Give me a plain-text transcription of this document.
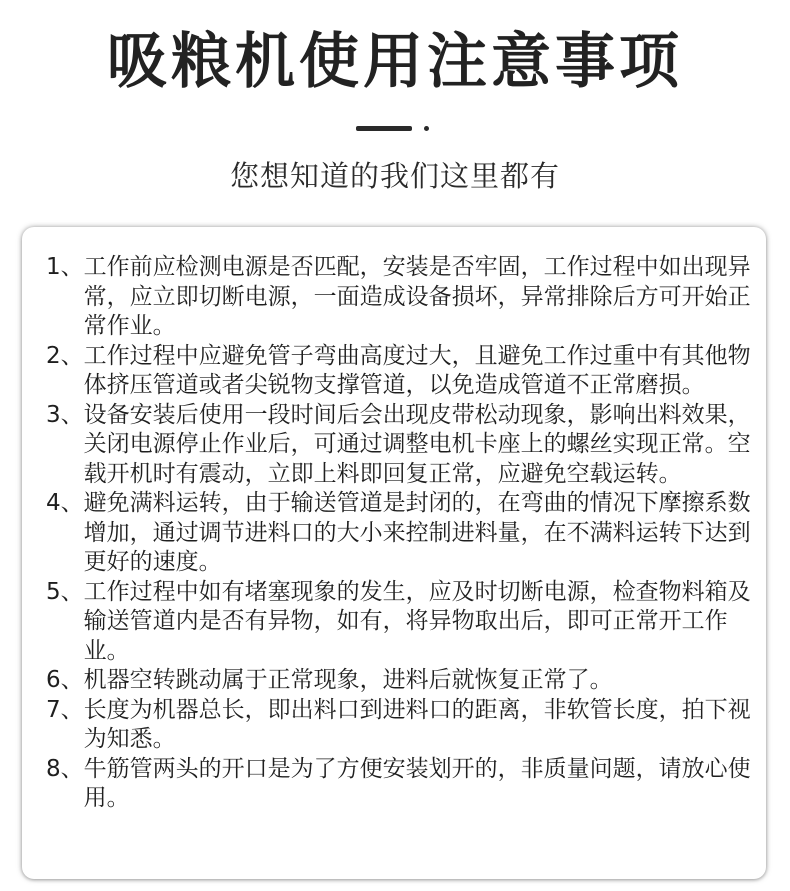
吸粮机使用注意事项
您想知道的我们这里都有
1、 工作前应检测电源是否匹配，安装是否牢固，工作过程中如出现异常，应立即切断电源，一面造成设备损坏，异常排除后方可开始正常作业。
2、 工作过程中应避免管子弯曲高度过大，且避免工作过重中有其他物体挤压管道或者尖锐物支撑管道，以免造成管道不正常磨损。
3、 设备安装后使用一段时间后会出现皮带松动现象，影响出料效果，关闭电源停止作业后，可通过调整电机卡座上的螺丝实现正常。空载开机时有震动，立即上料即回复正常，应避免空载运转。
4、 避免满料运转，由于输送管道是封闭的，在弯曲的情况下摩擦系数增加，通过调节进料口的大小来控制进料量，在不满料运转下达到更好的速度。
5、 工作过程中如有堵塞现象的发生，应及时切断电源，检查物料箱及输送管道内是否有异物，如有，将异物取出后，即可正常开工作业。
6、 机器空转跳动属于正常现象，进料后就恢复正常了。
7、 长度为机器总长，即出料口到进料口的距离，非软管长度，拍下视为知悉。
8、 牛筋管两头的开口是为了方便安装划开的，非质量问题，请放心使用。
